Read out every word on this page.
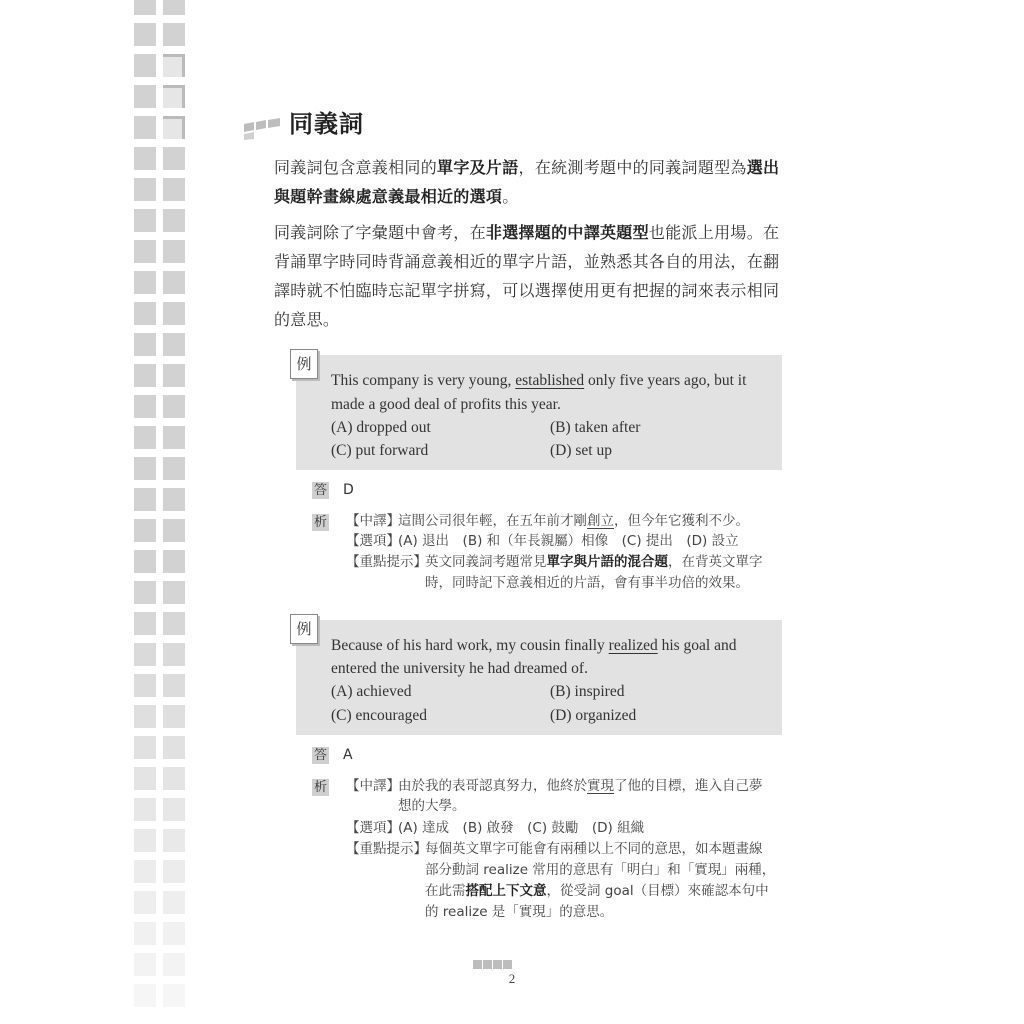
同義詞
同義詞包含意義相同的單字及片語，在統測考題中的同義詞題型為選出
與題幹畫線處意義最相近的選項。
同義詞除了字彙題中會考，在非選擇題的中譯英題型也能派上用場。在
背誦單字時同時背誦意義相近的單字片語，並熟悉其各自的用法，在翻
譯時就不怕臨時忘記單字拼寫，可以選擇使用更有把握的詞來表示相同
的意思。
例
This company is very young, established only five years ago, but it
made a good deal of profits this year.
(A) dropped out	(B) taken after
(C) put forward	(D) set up
答 D
析 【中譯】
這間公司很年輕，在五年前才剛創立，但今年它獲利不少。
【選項】
(A) 退出　(B) 和（年長親屬）相像　(C) 提出　(D) 設立
【重點提示】
英文同義詞考題常見單字與片語的混合題，在背英文單字
時，同時記下意義相近的片語，會有事半功倍的效果。
例
Because of his hard work, my cousin finally realized his goal and
entered the university he had dreamed of.
(A) achieved	(B) inspired
(C) encouraged	(D) organized
答 A
析 【中譯】
由於我的表哥認真努力，他終於實現了他的目標，進入自己夢
想的大學。
【選項】
(A) 達成　(B) 啟發　(C) 鼓勵　(D) 組織
【重點提示】
每個英文單字可能會有兩種以上不同的意思，如本題畫線
部分動詞 realize 常用的意思有「明白」和「實現」兩種，
在此需搭配上下文意，從受詞 goal（目標）來確認本句中
的 realize 是「實現」的意思。
2
